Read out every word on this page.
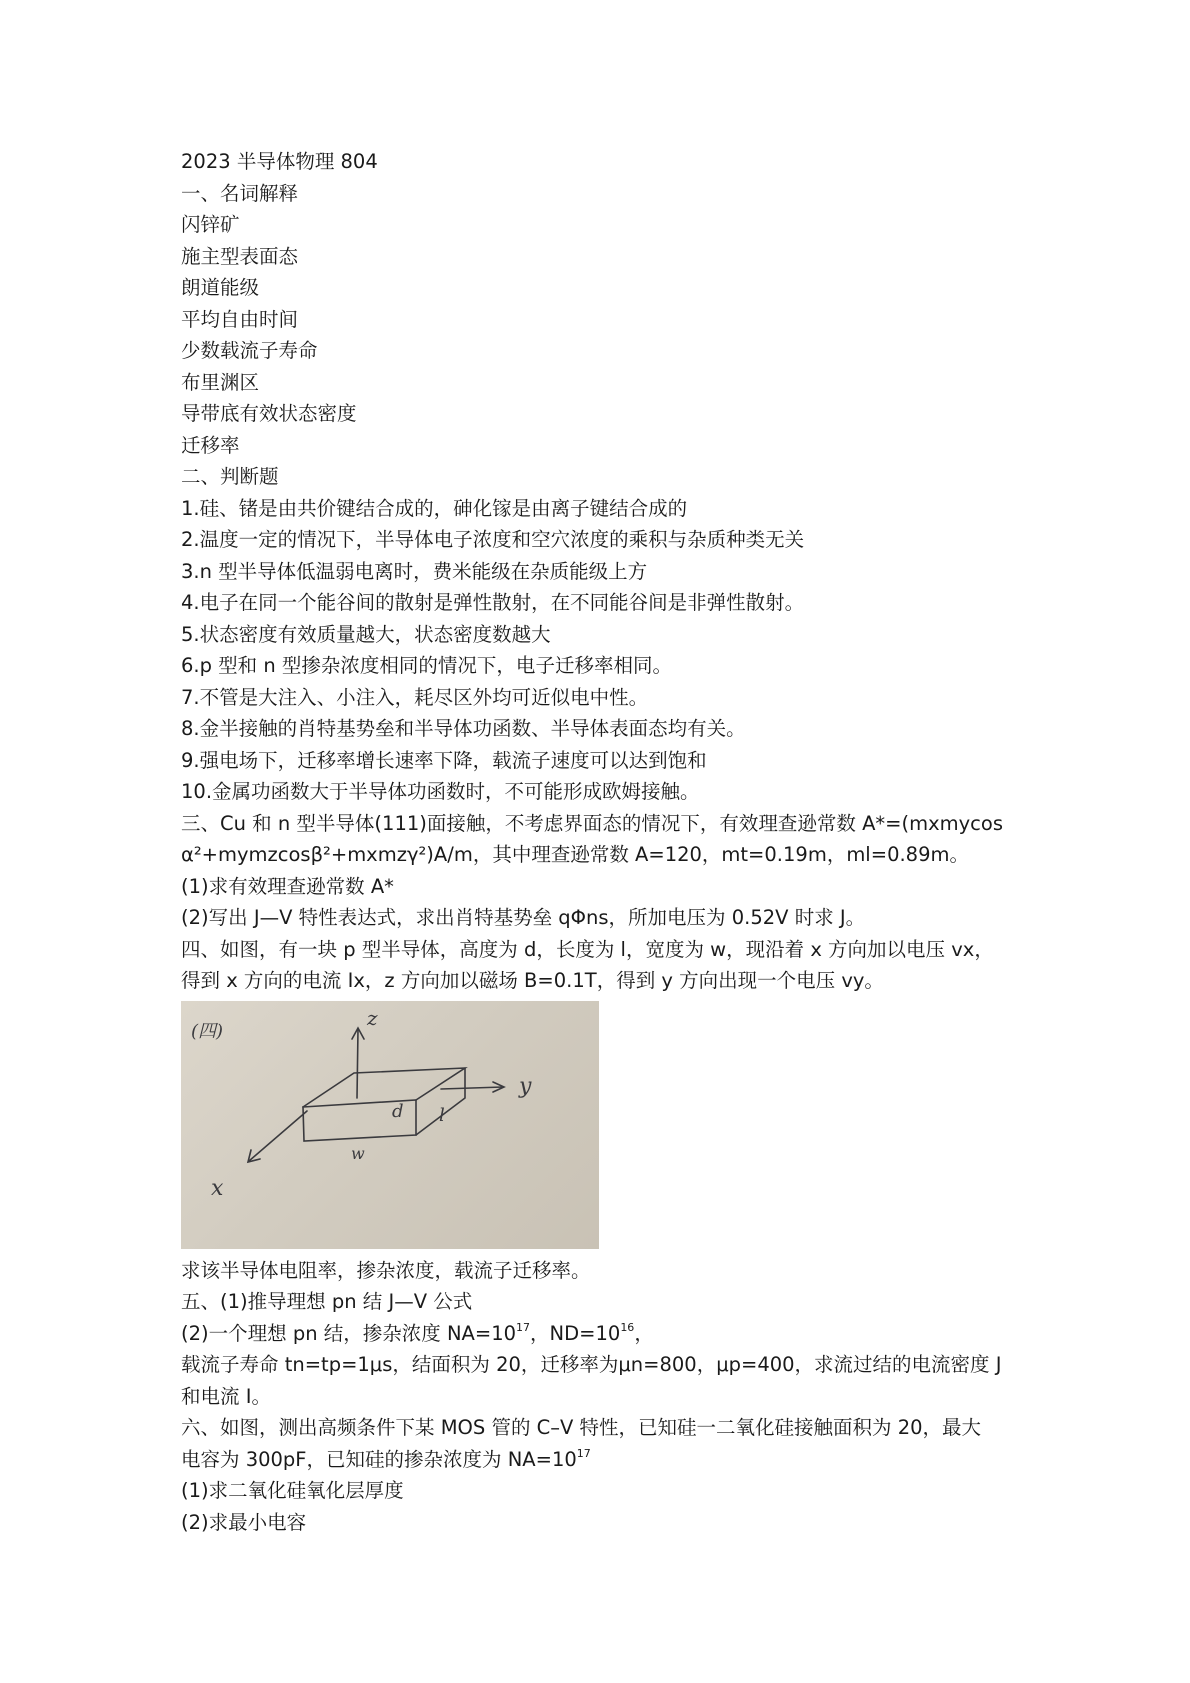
2023 半导体物理 804
一、名词解释
闪锌矿
施主型表面态
朗道能级
平均自由时间
少数载流子寿命
布里渊区
导带底有效状态密度
迁移率
二、判断题
1.硅、锗是由共价键结合成的，砷化镓是由离子键结合成的
2.温度一定的情况下，半导体电子浓度和空穴浓度的乘积与杂质种类无关
3.n 型半导体低温弱电离时，费米能级在杂质能级上方
4.电子在同一个能谷间的散射是弹性散射，在不同能谷间是非弹性散射。
5.状态密度有效质量越大，状态密度数越大
6.p 型和 n 型掺杂浓度相同的情况下，电子迁移率相同。
7.不管是大注入、小注入，耗尽区外均可近似电中性。
8.金半接触的肖特基势垒和半导体功函数、半导体表面态均有关。
9.强电场下，迁移率增长速率下降，载流子速度可以达到饱和
10.金属功函数大于半导体功函数时，不可能形成欧姆接触。
三、Cu 和 n 型半导体(111)面接触，不考虑界面态的情况下，有效理查逊常数 A*=(mxmycos
α²+mymzcosβ²+mxmzγ²)A/m，其中理查逊常数 A=120，mt=0.19m，ml=0.89m。
(1)求有效理查逊常数 A*
(2)写出 J—V 特性表达式，求出肖特基势垒 qΦns，所加电压为 0.52V 时求 J。
四、如图，有一块 p 型半导体，高度为 d，长度为 l，宽度为 w，现沿着 x 方向加以电压 vx，
得到 x 方向的电流 Ix，z 方向加以磁场 B=0.1T，得到 y 方向出现一个电压 vy。
(四)
z
y
x
d l
w
求该半导体电阻率，掺杂浓度，载流子迁移率。
五、(1)推导理想 pn 结 J—V 公式
(2)一个理想 pn 结，掺杂浓度 $NA=10^{17}$，$ND=10^{16}$，
载流子寿命 tn=tp=1μs，结面积为 20，迁移率为μn=800，μp=400，求流过结的电流密度 J
和电流 I。
六、如图，测出高频条件下某 MOS 管的 C–V 特性，已知硅一二氧化硅接触面积为 20，最大
电容为 300pF，已知硅的掺杂浓度为 $NA=10^{17}$
(1)求二氧化硅氧化层厚度
(2)求最小电容
